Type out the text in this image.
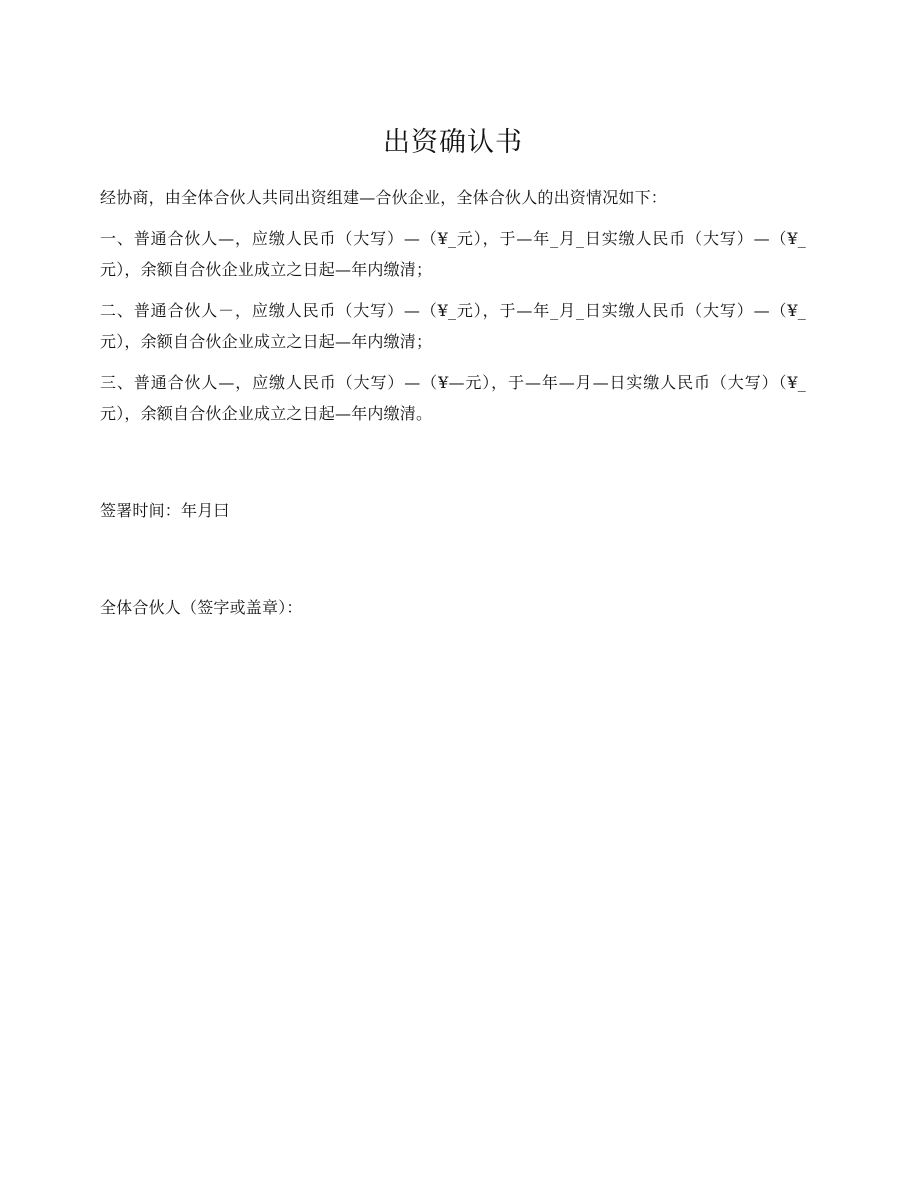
出资确认书

经协商，由全体合伙人共同出资组建—合伙企业，全体合伙人的出资情况如下：

一、普通合伙人—，应缴人民币（大写）—（¥_元），于—年_月_日实缴人民币（大写）—（¥_元），余额自合伙企业成立之日起—年内缴清；

二、普通合伙人－，应缴人民币（大写）—（¥_元），于—年_月_日实缴人民币（大写）—（¥_元），余额自合伙企业成立之日起—年内缴清；

三、普通合伙人—，应缴人民币（大写）—（¥—元），于—年—月—日实缴人民币（大写）（¥_元），余额自合伙企业成立之日起—年内缴清。

签署时间：年月曰

全体合伙人（签字或盖章）：
